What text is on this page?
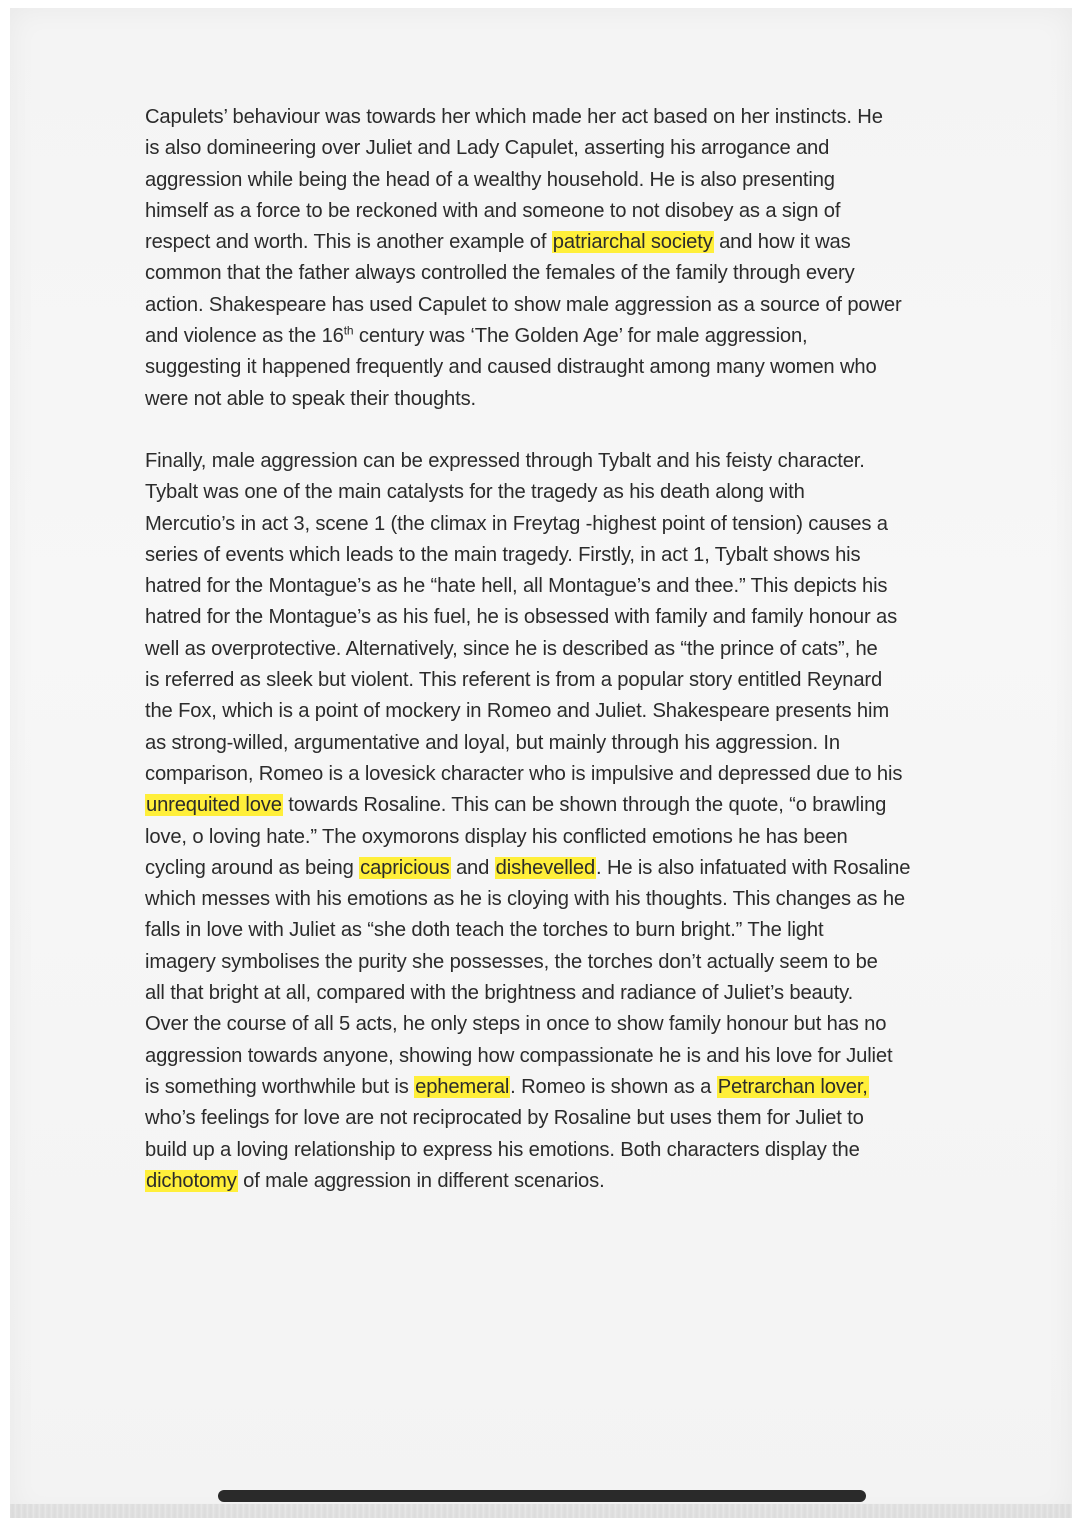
Capulets’ behaviour was towards her which made her act based on her instincts. He
is also domineering over Juliet and Lady Capulet, asserting his arrogance and
aggression while being the head of a wealthy household. He is also presenting
himself as a force to be reckoned with and someone to not disobey as a sign of
respect and worth. This is another example of patriarchal society and how it was
common that the father always controlled the females of the family through every
action. Shakespeare has used Capulet to show male aggression as a source of power
and violence as the 16th century was ‘The Golden Age’ for male aggression,
suggesting it happened frequently and caused distraught among many women who
were not able to speak their thoughts.
Finally, male aggression can be expressed through Tybalt and his feisty character.
Tybalt was one of the main catalysts for the tragedy as his death along with
Mercutio’s in act 3, scene 1 (the climax in Freytag -highest point of tension) causes a
series of events which leads to the main tragedy. Firstly, in act 1, Tybalt shows his
hatred for the Montague’s as he “hate hell, all Montague’s and thee.” This depicts his
hatred for the Montague’s as his fuel, he is obsessed with family and family honour as
well as overprotective. Alternatively, since he is described as “the prince of cats”, he
is referred as sleek but violent. This referent is from a popular story entitled Reynard
the Fox, which is a point of mockery in Romeo and Juliet. Shakespeare presents him
as strong-willed, argumentative and loyal, but mainly through his aggression. In
comparison, Romeo is a lovesick character who is impulsive and depressed due to his
unrequited love towards Rosaline. This can be shown through the quote, “o brawling
love, o loving hate.” The oxymorons display his conflicted emotions he has been
cycling around as being capricious and dishevelled. He is also infatuated with Rosaline
which messes with his emotions as he is cloying with his thoughts. This changes as he
falls in love with Juliet as “she doth teach the torches to burn bright.” The light
imagery symbolises the purity she possesses, the torches don’t actually seem to be
all that bright at all, compared with the brightness and radiance of Juliet’s beauty.
Over the course of all 5 acts, he only steps in once to show family honour but has no
aggression towards anyone, showing how compassionate he is and his love for Juliet
is something worthwhile but is ephemeral. Romeo is shown as a Petrarchan lover,
who’s feelings for love are not reciprocated by Rosaline but uses them for Juliet to
build up a loving relationship to express his emotions. Both characters display the
dichotomy of male aggression in different scenarios.
